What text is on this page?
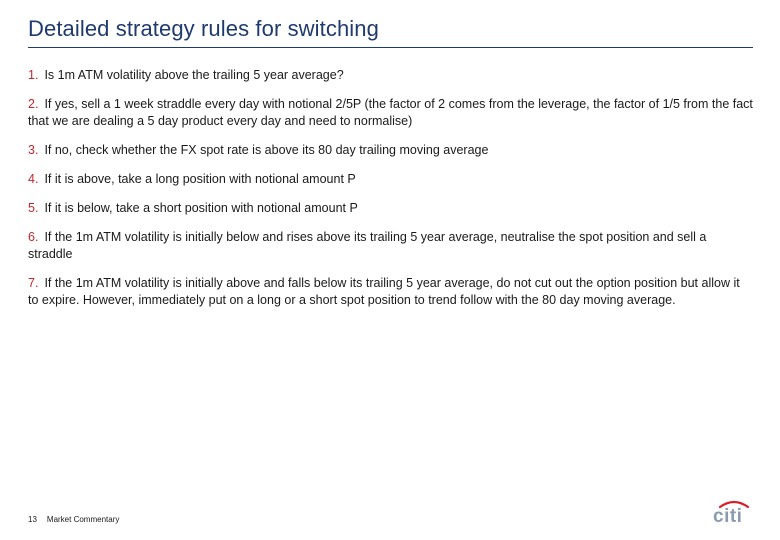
Detailed strategy rules for switching

1. Is 1m ATM volatility above the trailing 5 year average?

2. If yes, sell a 1 week straddle every day with notional 2/5P (the factor of 2 comes from the leverage, the factor of 1/5 from the fact that we are dealing a 5 day product every day and need to normalise)

3. If no, check whether the FX spot rate is above its 80 day trailing moving average

4. If it is above, take a long position with notional amount P

5. If it is below, take a short position with notional amount P

6. If the 1m ATM volatility is initially below and rises above its trailing 5 year average, neutralise the spot position and sell a straddle

7. If the 1m ATM volatility is initially above and falls below its trailing 5 year average, do not cut out the option position but allow it to expire. However, immediately put on a long or a short spot position to trend follow with the 80 day moving average.

13 Market Commentary	citi
